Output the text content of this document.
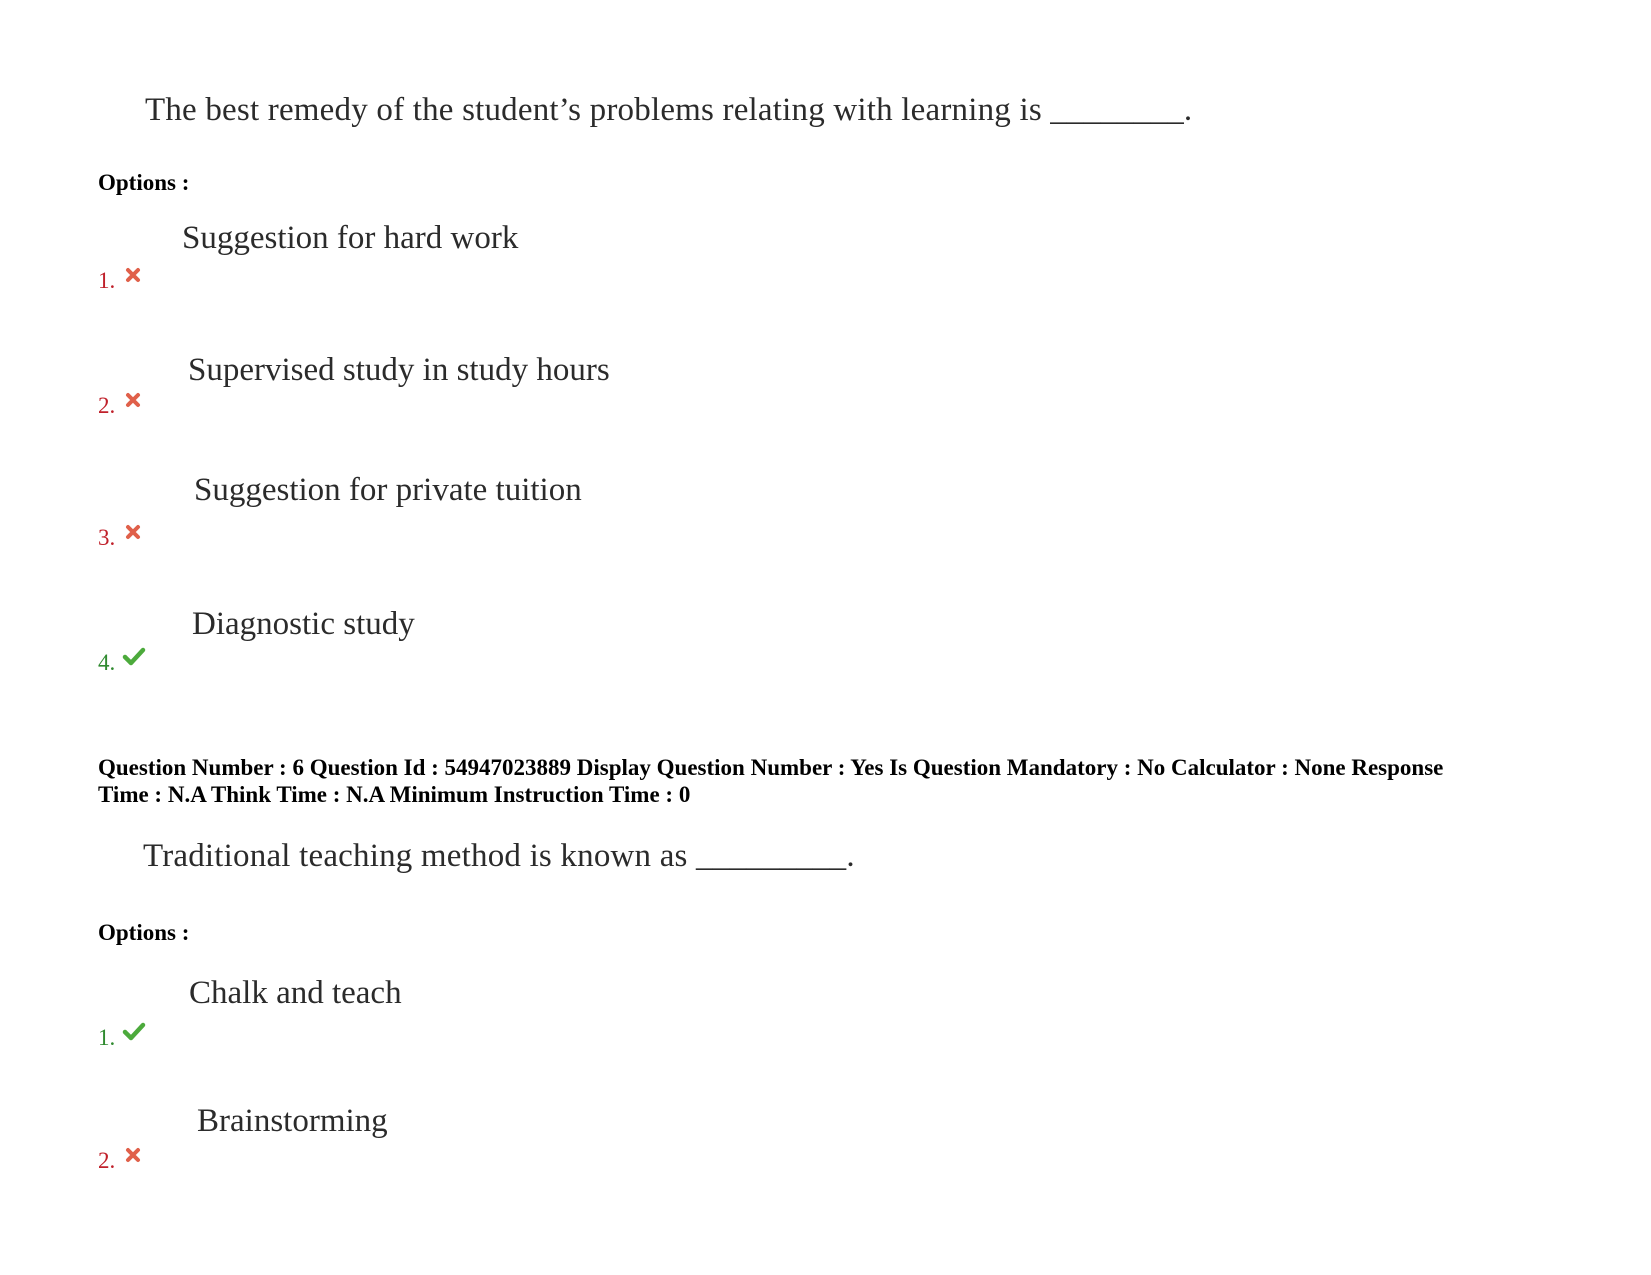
The best remedy of the student’s problems relating with learning is ________.
Options :
Suggestion for hard work
1.
Supervised study in study hours
2.
Suggestion for private tuition
3.
Diagnostic study
4.
Question Number : 6 Question Id : 54947023889 Display Question Number : Yes Is Question Mandatory : No Calculator : None Response
Time : N.A Think Time : N.A Minimum Instruction Time : 0
Traditional teaching method is known as _________.
Options :
Chalk and teach
1.
Brainstorming
2.
